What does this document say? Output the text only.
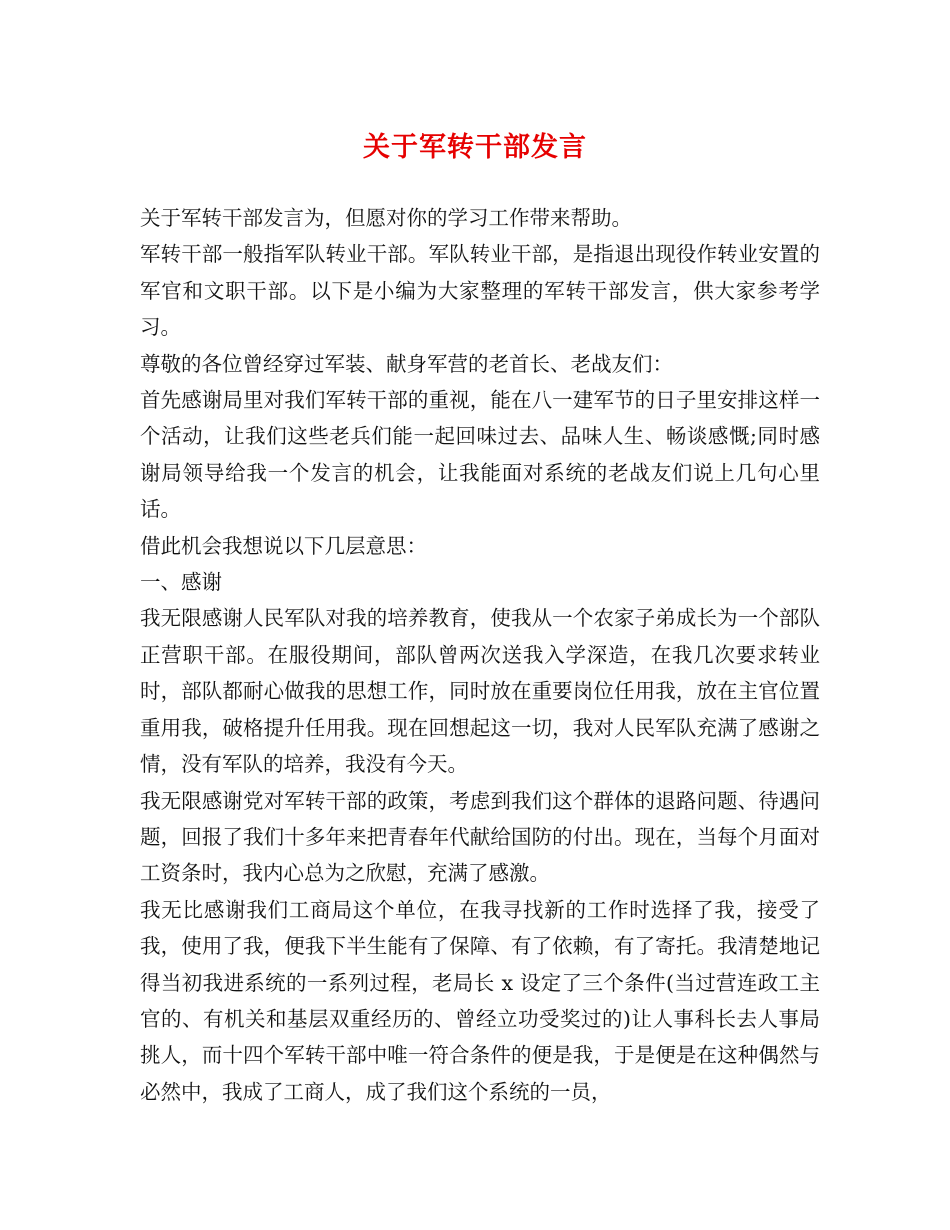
关于军转干部发言

关于军转干部发言为，但愿对你的学习工作带来帮助。

军转干部一般指军队转业干部。军队转业干部，是指退出现役作转业安置的军官和文职干部。以下是小编为大家整理的军转干部发言，供大家参考学习。

尊敬的各位曾经穿过军装、献身军营的老首长、老战友们：

首先感谢局里对我们军转干部的重视，能在八一建军节的日子里安排这样一个活动，让我们这些老兵们能一起回味过去、品味人生、畅谈感慨;同时感谢局领导给我一个发言的机会，让我能面对系统的老战友们说上几句心里话。

借此机会我想说以下几层意思：

一、感谢

我无限感谢人民军队对我的培养教育，使我从一个农家子弟成长为一个部队正营职干部。在服役期间，部队曾两次送我入学深造，在我几次要求转业时，部队都耐心做我的思想工作，同时放在重要岗位任用我，放在主官位置重用我，破格提升任用我。现在回想起这一切，我对人民军队充满了感谢之情，没有军队的培养，我没有今天。

我无限感谢党对军转干部的政策，考虑到我们这个群体的退路问题、待遇问题，回报了我们十多年来把青春年代献给国防的付出。现在，当每个月面对工资条时，我内心总为之欣慰，充满了感激。

我无比感谢我们工商局这个单位，在我寻找新的工作时选择了我，接受了我，使用了我，便我下半生能有了保障、有了依赖，有了寄托。我清楚地记得当初我进系统的一系列过程，老局长 x 设定了三个条件(当过营连政工主官的、有机关和基层双重经历的、曾经立功受奖过的)让人事科长去人事局挑人，而十四个军转干部中唯一符合条件的便是我，于是便是在这种偶然与必然中，我成了工商人，成了我们这个系统的一员，
